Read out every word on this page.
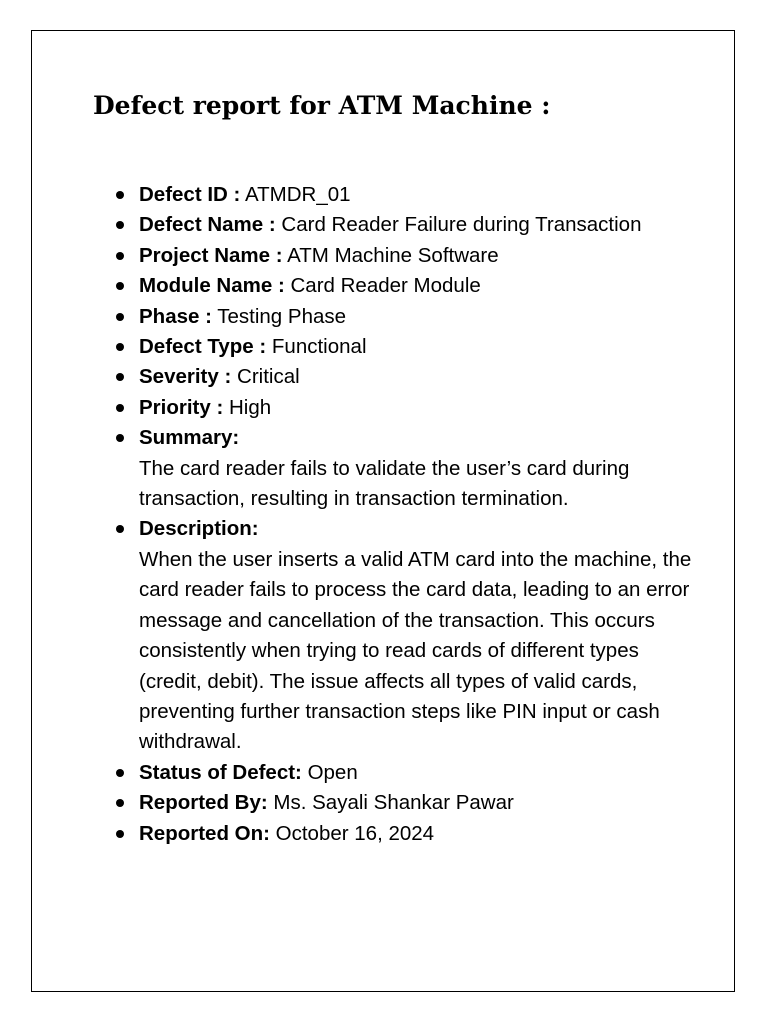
Defect report for ATM Machine :
Defect ID : ATMDR_01
Defect Name : Card Reader Failure during Transaction
Project Name : ATM Machine Software
Module Name : Card Reader Module
Phase : Testing Phase
Defect Type : Functional
Severity : Critical
Priority : High
Summary:
The card reader fails to validate the user’s card during transaction, resulting in transaction termination.
Description:
When the user inserts a valid ATM card into the machine, the card reader fails to process the card data, leading to an error message and cancellation of the transaction. This occurs consistently when trying to read cards of different types (credit, debit). The issue affects all types of valid cards, preventing further transaction steps like PIN input or cash withdrawal.
Status of Defect: Open
Reported By: Ms. Sayali Shankar Pawar
Reported On: October 16, 2024
